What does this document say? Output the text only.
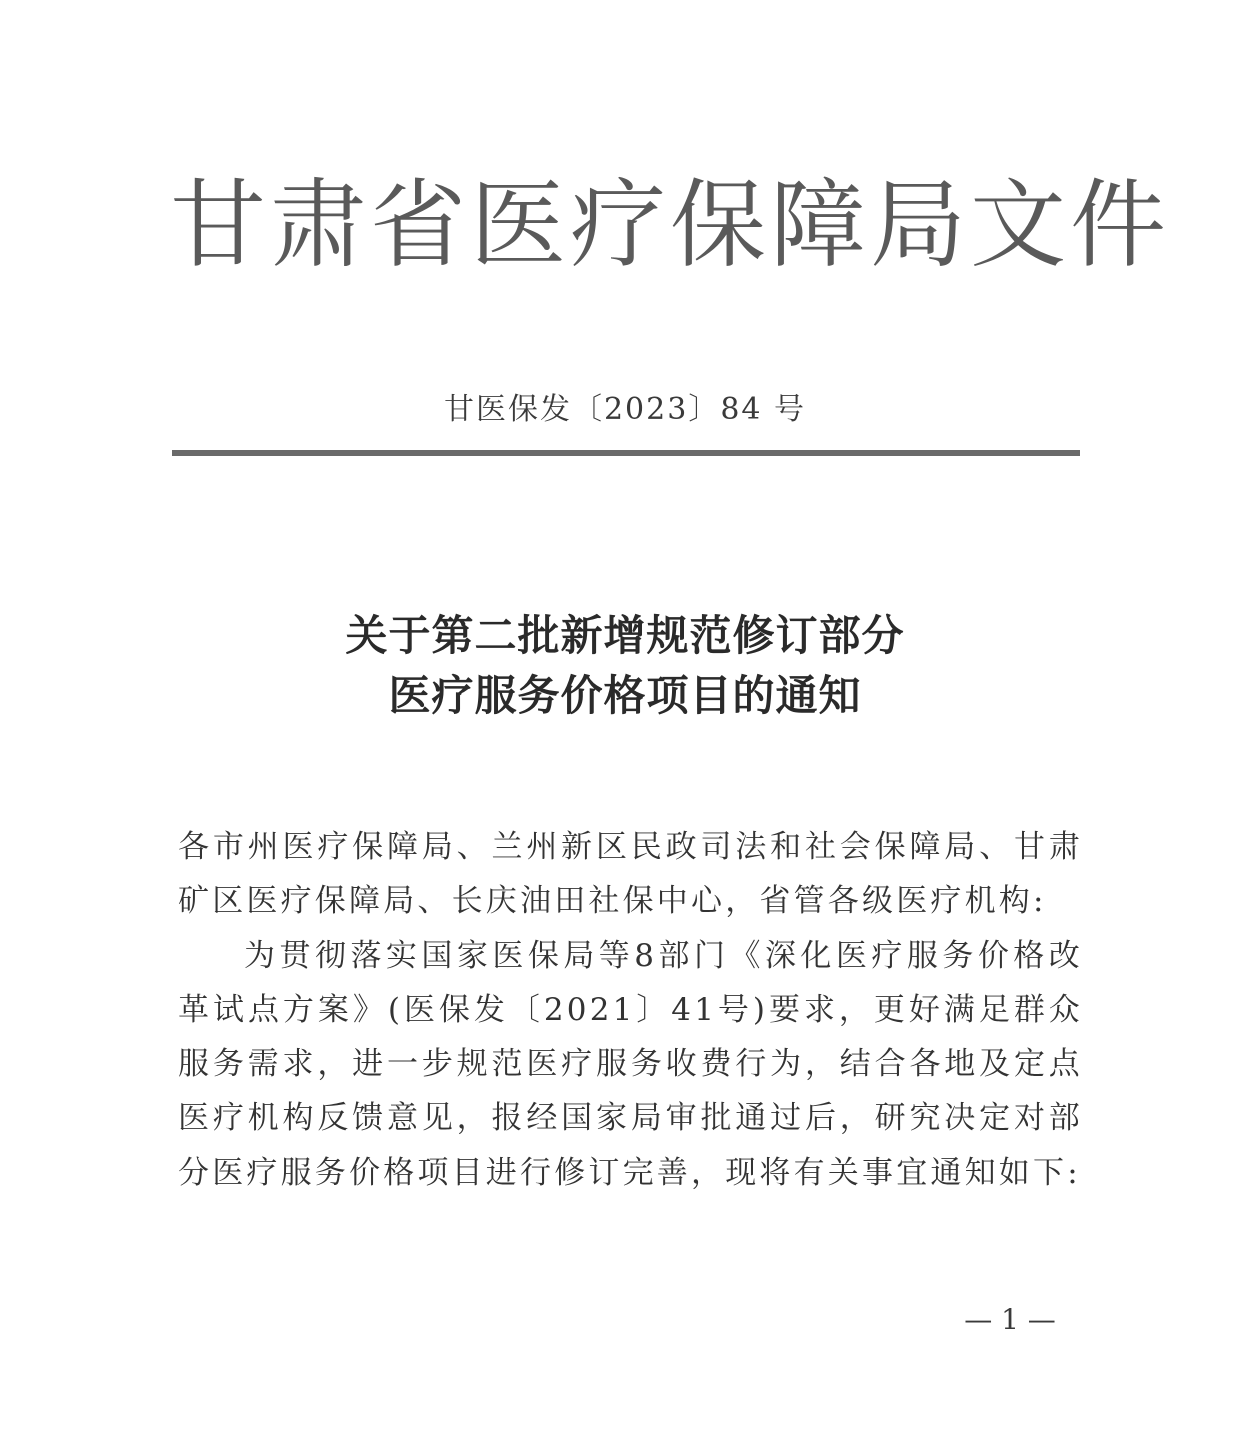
甘肃省医疗保障局文件
甘医保发〔2023〕84 号
关于第二批新增规范修订部分
医疗服务价格项目的通知

各市州医疗保障局、兰州新区民政司法和社会保障局、甘肃矿区医疗保障局、长庆油田社保中心，省管各级医疗机构:

为贯彻落实国家医保局等8部门《深化医疗服务价格改革试点方案》(医保发〔2021〕41号)要求，更好满足群众服务需求，进一步规范医疗服务收费行为，结合各地及定点医疗机构反馈意见，报经国家局审批通过后，研究决定对部分医疗服务价格项目进行修订完善，现将有关事宜通知如下:

— 1 —
